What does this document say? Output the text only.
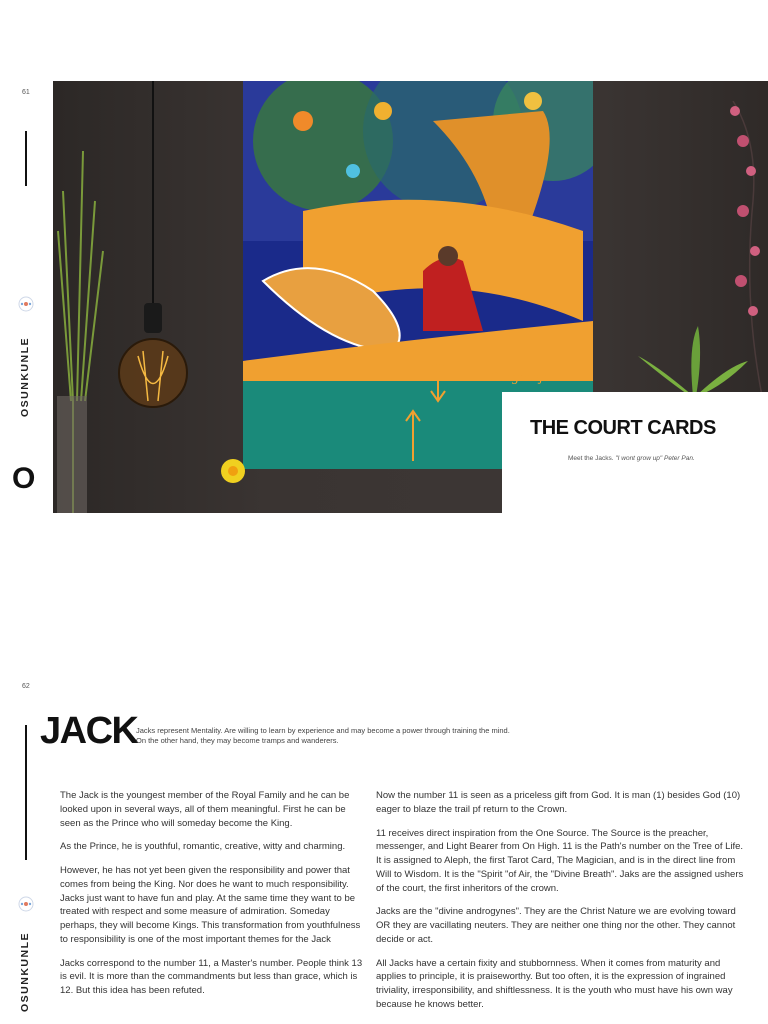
61
OSUNKUNLE
O
Sangodeja
THE COURT CARDS
Meet the Jacks. "I wont grow up" Peter Pan.
62
OSUNKUNLE
JACK
Jacks represent Mentality. Are willing to learn by experience and may become a power through training the mind. On the other hand, they may become tramps and wanderers.

The Jack is the youngest member of the Royal Family and he can be looked upon in several ways, all of them meaningful. First he can be seen as the Prince who will someday become the King.

As the Prince, he is youthful, romantic, creative, witty and charming.

However, he has not yet been given the responsibility and power that comes from being the King. Nor does he want to much responsibility. Jacks just want to have fun and play. At the same time they want to be treated with respect and some measure of admiration. Someday perhaps, they will become Kings. This transformation from youthfulness to responsibility is one of the most important themes for the Jack

Jacks correspond to the number 11, a Master's number. People think 13 is evil. It is more than the commandments but less than grace, which is 12. But this idea has been refuted.

Now the number 11 is seen as a priceless gift from God. It is man (1) besides God (10) eager to blaze the trail pf return to the Crown.

11 receives direct inspiration from the One Source. The Source is the preacher, messenger, and Light Bearer from On High. 11 is the Path's number on the Tree of Life. It is assigned to Aleph, the first Tarot Card, The Magician, and is in the direct line from Will to Wisdom. It is the "Spirit "of Air, the "Divine Breath". Jaks are the assigned ushers of the court, the first inheritors of the crown.

Jacks are the "divine androgynes". They are the Christ Nature we are evolving toward OR they are vacillating neuters. They are neither one thing nor the other. They cannot decide or act.

All Jacks have a certain fixity and stubbornness. When it comes from maturity and applies to principle, it is praiseworthy. But too often, it is the expression of ingrained triviality, irresponsibility, and shiftlessness. It is the youth who must have his own way because he knows better.
